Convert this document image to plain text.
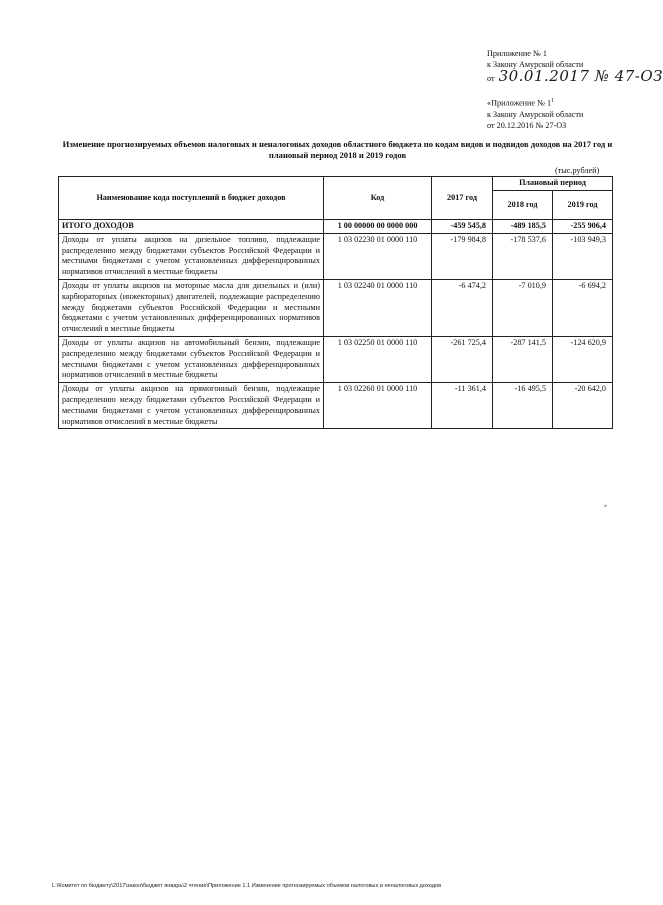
Приложение № 1
к Закону Амурской области
от 30.01.2017 № 47-ОЗ
«Приложение № $1^1$
к Закону Амурской области
от 20.12.2016 № 27-ОЗ
Изменение прогнозируемых объемов налоговых и неналоговых доходов областного бюджета по кодам видов и подвидов доходов на 2017 год и плановый период 2018 и 2019 годов
(тыс.рублей)
Наименование кода поступлений в бюджет доходов	Код	2017 год	Плановый период	
			2018 год	2019 год
ИТОГО ДОХОДОВ	1 00 00000 00 0000 000	-459 545,8	-489 185,5	-255 906,4
Доходы от уплаты акцизов на дизельное топливо, подлежащие распределению между бюджетами субъектов Российской Федерации и местными бюджетами с учетом установленных дифференцированных нормативов отчислений в местные бюджеты	1 03 02230 01 0000 110	-179 984,8	-178 537,6	-103 949,3
Доходы от уплаты акцизов на моторные масла для дизельных и (или) карбюраторных (инжекторных) двигателей, подлежащие распределению между бюджетами субъектов Российской Федерации и местными бюджетами с учетом установленных дифференцированных нормативов отчислений в местные бюджеты	1 03 02240 01 0000 110	-6 474,2	-7 010,9	-6 694,2
Доходы от уплаты акцизов на автомобильный бензин, подлежащие распределению между бюджетами субъектов Российской Федерации и местными бюджетами с учетом установленных дифференцированных нормативов отчислений в местные бюджеты	1 03 02250 01 0000 110	-261 725,4	-287 141,5	-124 620,9
Доходы от уплаты акцизов на прямогонный бензин, подлежащие распределению между бюджетами субъектов Российской Федерации и местными бюджетами с учетом установленных дифференцированных нормативов отчислений в местные бюджеты	1 03 02260 01 0000 110	-11 361,4	-16 495,5	-20 642,0
»
L:\Комитет по бюджету\2017\закон\бюджет январь\2 чтение\Приложение 1.1 Изменение прогнозируемых объемов налоговых и неналоговых доходов
